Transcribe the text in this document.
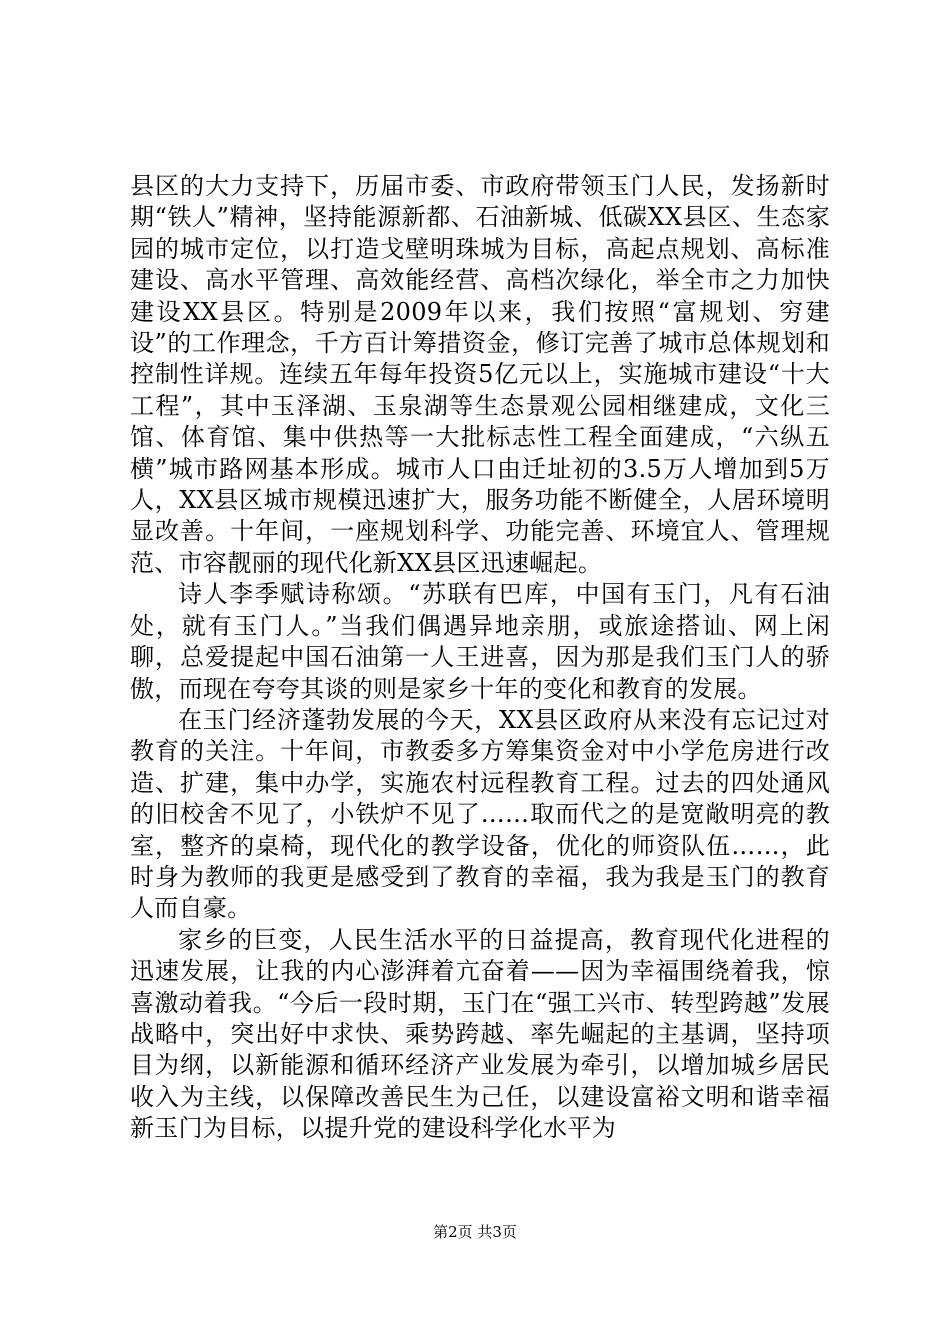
县区的大力支持下，历届市委、市政府带领玉门人民，发扬新时期“铁人”精神，坚持能源新都、石油新城、低碳XX县区、生态家园的城市定位，以打造戈壁明珠城为目标，高起点规划、高标准建设、高水平管理、高效能经营、高档次绿化，举全市之力加快建设XX县区。特别是2009年以来，我们按照“富规划、穷建设”的工作理念，千方百计筹措资金，修订完善了城市总体规划和控制性详规。连续五年每年投资5亿元以上，实施城市建设“十大工程”，其中玉泽湖、玉泉湖等生态景观公园相继建成，文化三馆、体育馆、集中供热等一大批标志性工程全面建成，“六纵五横”城市路网基本形成。城市人口由迁址初的3.5万人增加到5万人，XX县区城市规模迅速扩大，服务功能不断健全，人居环境明显改善。十年间，一座规划科学、功能完善、环境宜人、管理规范、市容靓丽的现代化新XX县区迅速崛起。

诗人李季赋诗称颂。“苏联有巴库，中国有玉门，凡有石油处，就有玉门人。”当我们偶遇异地亲朋，或旅途搭讪、网上闲聊，总爱提起中国石油第一人王进喜，因为那是我们玉门人的骄傲，而现在夸夸其谈的则是家乡十年的变化和教育的发展。

在玉门经济蓬勃发展的今天，XX县区政府从来没有忘记过对教育的关注。十年间，市教委多方筹集资金对中小学危房进行改造、扩建，集中办学，实施农村远程教育工程。过去的四处通风的旧校舍不见了，小铁炉不见了……取而代之的是宽敞明亮的教室，整齐的桌椅，现代化的教学设备，优化的师资队伍……，此时身为教师的我更是感受到了教育的幸福，我为我是玉门的教育人而自豪。

家乡的巨变，人民生活水平的日益提高，教育现代化进程的迅速发展，让我的内心澎湃着亢奋着——因为幸福围绕着我，惊喜激动着我。“今后一段时期，玉门在“强工兴市、转型跨越”发展战略中，突出好中求快、乘势跨越、率先崛起的主基调，坚持项目为纲，以新能源和循环经济产业发展为牵引，以增加城乡居民收入为主线，以保障改善民生为己任，以建设富裕文明和谐幸福新玉门为目标，以提升党的建设科学化水平为

第2页 共3页
